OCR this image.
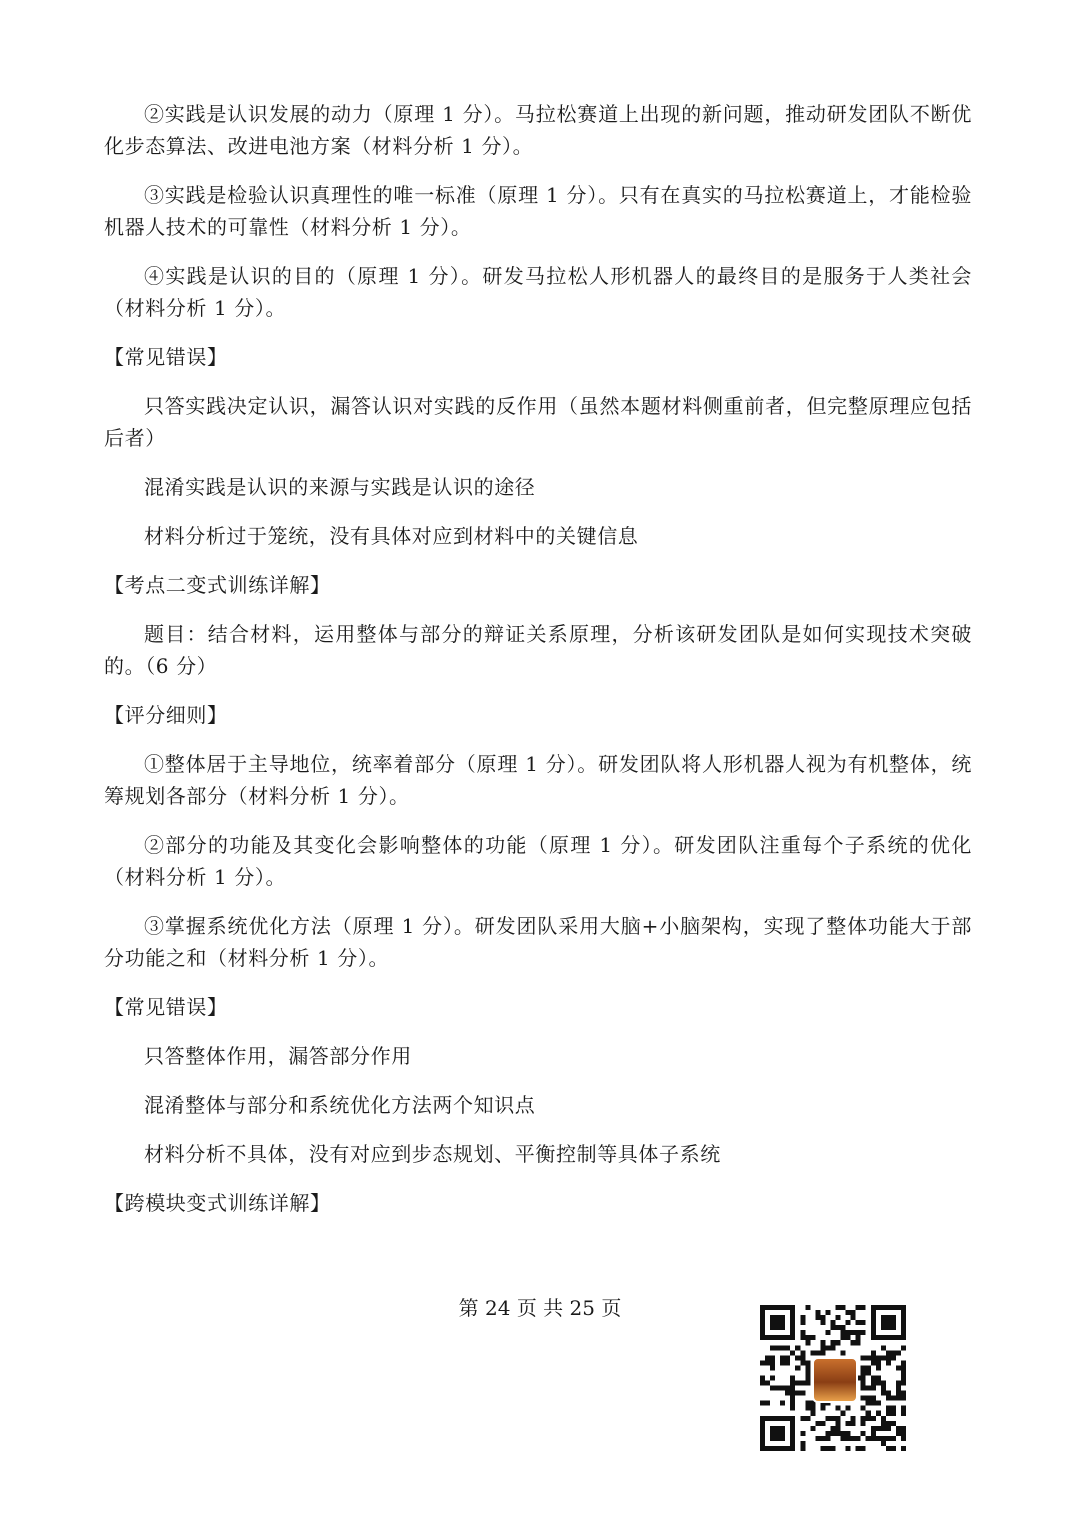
②实践是认识发展的动力（原理 1 分）。马拉松赛道上出现的新问题，推动研发团队不断优化步态算法、改进电池方案（材料分析 1 分）。

③实践是检验认识真理性的唯一标准（原理 1 分）。只有在真实的马拉松赛道上，才能检验机器人技术的可靠性（材料分析 1 分）。

④实践是认识的目的（原理 1 分）。研发马拉松人形机器人的最终目的是服务于人类社会（材料分析 1 分）。

【常见错误】

只答实践决定认识，漏答认识对实践的反作用（虽然本题材料侧重前者，但完整原理应包括后者）

混淆实践是认识的来源与实践是认识的途径

材料分析过于笼统，没有具体对应到材料中的关键信息

【考点二变式训练详解】

题目：结合材料，运用整体与部分的辩证关系原理，分析该研发团队是如何实现技术突破的。（6 分）

【评分细则】

①整体居于主导地位，统率着部分（原理 1 分）。研发团队将人形机器人视为有机整体，统筹规划各部分（材料分析 1 分）。

②部分的功能及其变化会影响整体的功能（原理 1 分）。研发团队注重每个子系统的优化（材料分析 1 分）。

③掌握系统优化方法（原理 1 分）。研发团队采用大脑+小脑架构，实现了整体功能大于部分功能之和（材料分析 1 分）。

【常见错误】

只答整体作用，漏答部分作用

混淆整体与部分和系统优化方法两个知识点

材料分析不具体，没有对应到步态规划、平衡控制等具体子系统

【跨模块变式训练详解】

第 24 页 共 25 页
